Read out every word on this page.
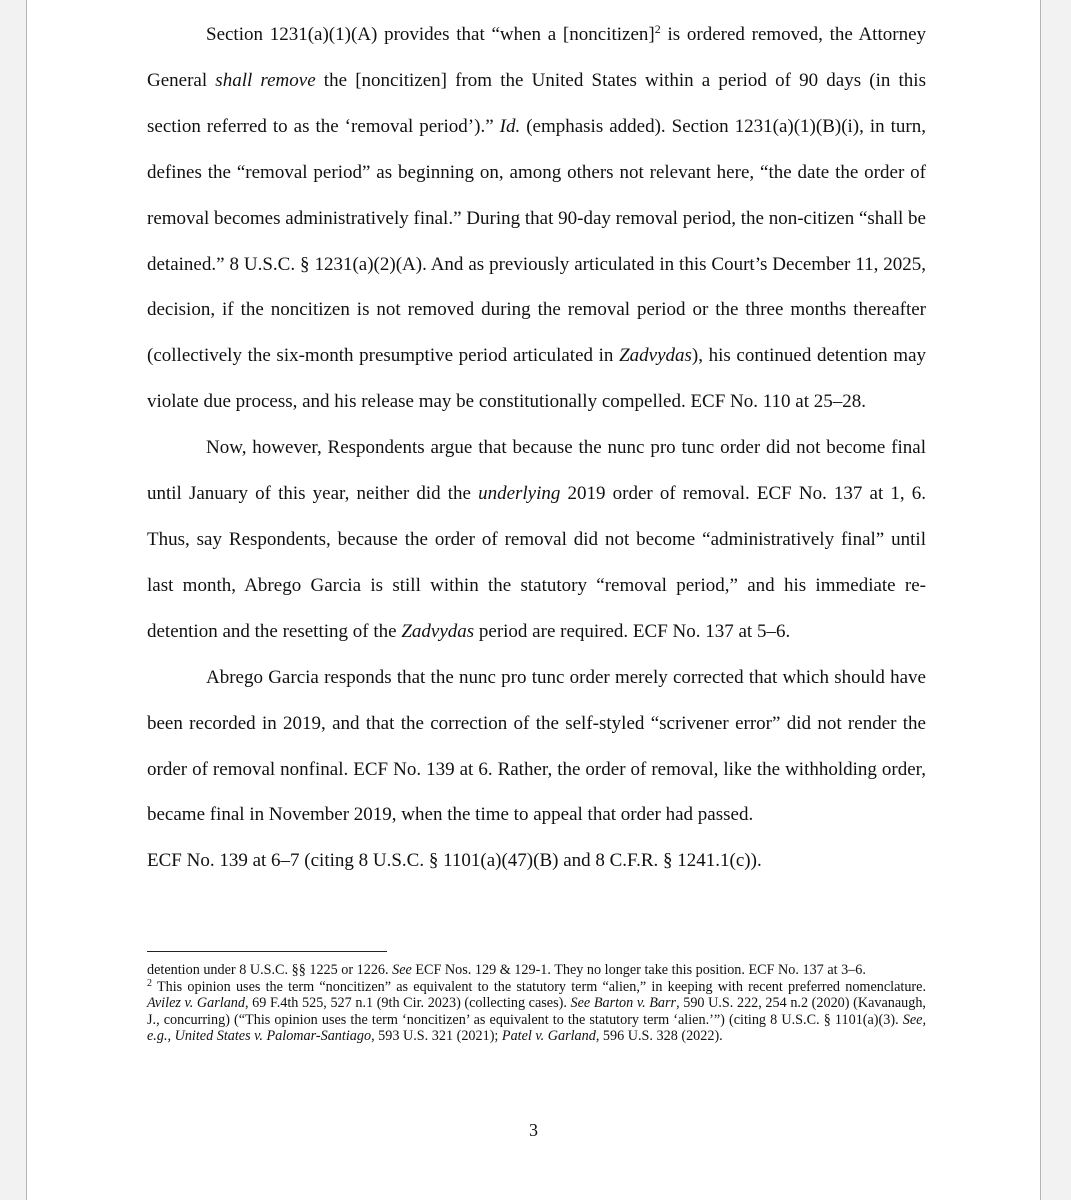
Section 1231(a)(1)(A) provides that “when a [noncitizen]$^2$ is ordered removed, the Attorney General shall remove the [noncitizen] from the United States within a period of 90 days (in this section referred to as the ‘removal period’).” Id. (emphasis added). Section 1231(a)(1)(B)(i), in turn, defines the “removal period” as beginning on, among others not relevant here, “the date the order of removal becomes administratively final.” During that 90-day removal period, the non-citizen “shall be detained.” 8 U.S.C. § 1231(a)(2)(A). And as previously articulated in this Court’s December 11, 2025, decision, if the noncitizen is not removed during the removal period or the three months thereafter (collectively the six-month presumptive period articulated in Zadvydas), his continued detention may violate due process, and his release may be constitutionally compelled. ECF No. 110 at 25–28.

Now, however, Respondents argue that because the nunc pro tunc order did not become final until January of this year, neither did the underlying 2019 order of removal. ECF No. 137 at 1, 6. Thus, say Respondents, because the order of removal did not become “administratively final” until last month, Abrego Garcia is still within the statutory “removal period,” and his immediate re-detention and the resetting of the Zadvydas period are required. ECF No. 137 at 5–6.

Abrego Garcia responds that the nunc pro tunc order merely corrected that which should have been recorded in 2019, and that the correction of the self-styled “scrivener error” did not render the order of removal nonfinal. ECF No. 139 at 6. Rather, the order of removal, like the withholding order, became final in November 2019, when the time to appeal that order had passed.

ECF No. 139 at 6–7 (citing 8 U.S.C. § 1101(a)(47)(B) and 8 C.F.R. § 1241.1(c)).

detention under 8 U.S.C. §§ 1225 or 1226. See ECF Nos. 129 & 129-1. They no longer take this position. ECF No. 137 at 3–6.

$^2$ This opinion uses the term “noncitizen” as equivalent to the statutory term “alien,” in keeping with recent preferred nomenclature. Avilez v. Garland, 69 F.4th 525, 527 n.1 (9th Cir. 2023) (collecting cases). See Barton v. Barr, 590 U.S. 222, 254 n.2 (2020) (Kavanaugh, J., concurring) (“This opinion uses the term ‘noncitizen’ as equivalent to the statutory term ‘alien.’”) (citing 8 U.S.C. § 1101(a)(3). See, e.g., United States v. Palomar-Santiago, 593 U.S. 321 (2021); Patel v. Garland, 596 U.S. 328 (2022).

3
